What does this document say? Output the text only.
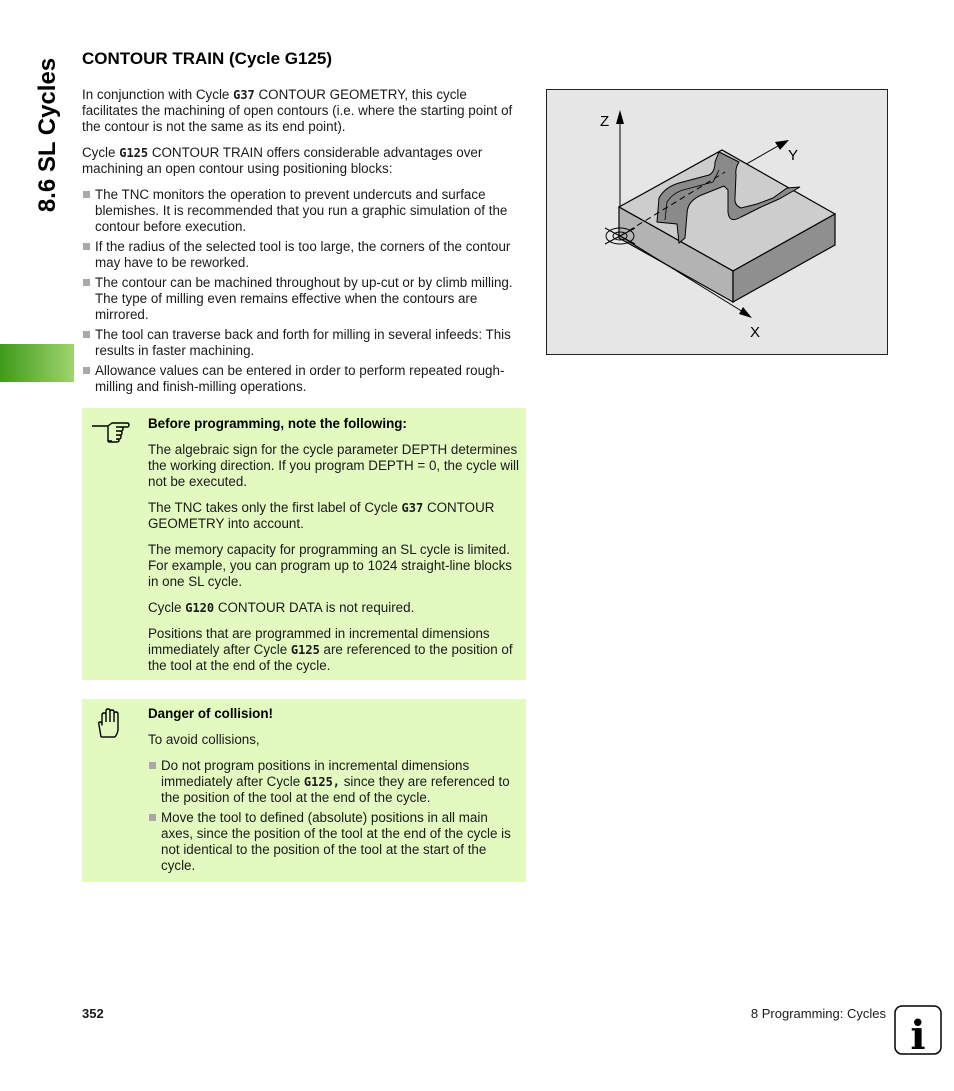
8.6 SL Cycles CONTOUR TRAIN (Cycle G125)

In conjunction with Cycle G37 CONTOUR GEOMETRY, this cycle facilitates the machining of open contours (i.e. where the starting point of the contour is not the same as its end point).

Cycle G125 CONTOUR TRAIN offers considerable advantages over machining an open contour using positioning blocks:

The TNC monitors the operation to prevent undercuts and surface blemishes. It is recommended that you run a graphic simulation of the contour before execution.
If the radius of the selected tool is too large, the corners of the contour may have to be reworked.
The contour can be machined throughout by up-cut or by climb milling. The type of milling even remains effective when the contours are mirrored.
The tool can traverse back and forth for milling in several infeeds: This results in faster machining.
Allowance values can be entered in order to perform repeated rough-milling and finish-milling operations.

Before programming, note the following:

The algebraic sign for the cycle parameter DEPTH determines the working direction. If you program DEPTH = 0, the cycle will not be executed.

The TNC takes only the first label of Cycle G37 CONTOUR GEOMETRY into account.

The memory capacity for programming an SL cycle is limited. For example, you can program up to 1024 straight-line blocks in one SL cycle.

Cycle G120 CONTOUR DATA is not required.

Positions that are programmed in incremental dimensions immediately after Cycle G125 are referenced to the position of the tool at the end of the cycle.

Danger of collision!

To avoid collisions,

Do not program positions in incremental dimensions immediately after Cycle G125, since they are referenced to the position of the tool at the end of the cycle.
Move the tool to defined (absolute) positions in all main axes, since the position of the tool at the end of the cycle is not identical to the position of the tool at the start of the cycle.
Z
Y
X
352	8 Programming: Cycles i
